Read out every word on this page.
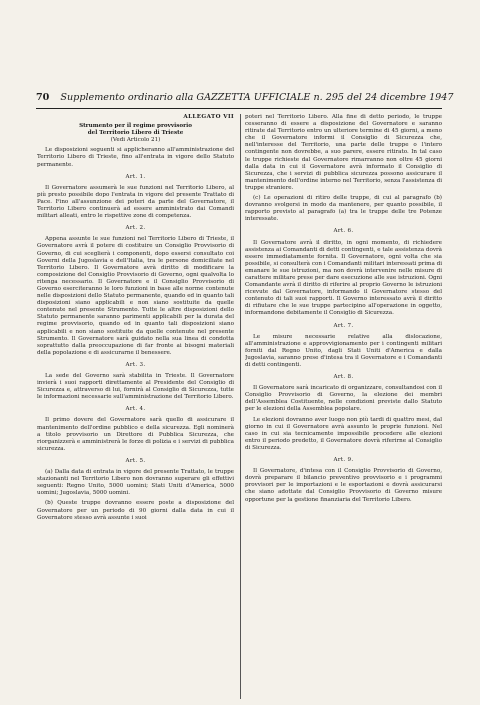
70 Supplemento ordinario alla GAZZETTA UFFICIALE n. 295 del 24 dicembre 1947
ALLEGATO VII
Strumento per il regime provvisorio
del Territorio Libero di Trieste
(Vedi Articolo 21)

Le disposizioni seguenti si applicheranno all'amministrazione del Territorio Libero di Trieste, fino all'entrata in vigore dello Statuto permanente.

Art. 1.

Il Governatore assumerà le sue funzioni nel Territorio Libero, al più presto possibile dopo l'entrata in vigore del presente Trattato di Pace. Fino all'assunzione dei poteri da parte del Governatore, il Territorio Libero continuerà ad essere amministrato dai Comandi militari alleati, entro le rispettive zone di competenza.

Art. 2.

Appena assunte le sue funzioni nel Territorio Libero di Trieste, il Governatore avrà il potere di costituire un Consiglio Provvisorio di Governo, di cui sceglierà i componenti, dopo essersi consultato coi Governi della Jugoslavia e dell'Italia, tra le persone domiciliate nel Territorio Libero. Il Governatore avrà diritto di modificare la composizione del Consiglio Provvisorio di Governo, ogni qualvolta lo ritenga necessario. Il Governatore e il Consiglio Provvisorio di Governo eserciteranno le loro funzioni in base alle norme contenute nelle disposizioni dello Statuto permanente, quando ed in quanto tali disposizioni siano applicabili e non siano sostituite da quelle contenute nel presente Strumento. Tutte le altre disposizioni dello Statuto permanente saranno parimenti applicabili per la durata del regime provvisorio, quando ed in quanto tali disposizioni siano applicabili e non siano sostituite da quelle contenute nel presente Strumento. Il Governatore sarà guidato nella sua linea di condotta soprattutto dalla preoccupazione di far fronte ai bisogni materiali della popolazione e di assicurarne il benessere.

Art. 3.

La sede del Governo sarà stabilita in Trieste. Il Governatore invierà i suoi rapporti direttamente al Presidente del Consiglio di Sicurezza e, attraverso di lui, fornirà al Consiglio di Sicurezza, tutte le informazioni necessarie sull'amministrazione del Territorio Libero.

Art. 4.

Il primo dovere del Governatore sarà quello di assicurare il mantenimento dell'ordine pubblico e della sicurezza. Egli nominerà a titolo provvisorio un Direttore di Pubblica Sicurezza, che riorganizzerà e amministrerà le forze di polizia e i servizi di pubblica sicurezza.

Art. 5.

(a) Dalla data di entrata in vigore del presente Trattato, le truppe stazionanti nel Territorio Libero non dovranno superare gli effettivi seguenti: Regno Unito, 5000 uomini; Stati Uniti d'America, 5000 uomini; Jugoslavia, 5000 uomini.

(b) Queste truppe dovranno essere poste a disposizione del Governatore per un periodo di 90 giorni dalla data in cui il Governatore stesso avrà assunte i suoi

poteri nel Territorio Libero. Alla fine di detto periodo, le truppe cesseranno di essere a disposizione del Governatore e saranno ritirate dal Territorio entro un ulteriore termine di 45 giorni, a meno che il Governatore informi il Consiglio di Sicurezza che, nell'interesse del Territorio, una parte delle truppe o l'intero contingente non dovrebbe, a suo parere, essere ritirato. In tal caso le truppe richieste dal Governatore rimarranno non oltre 45 giorni dalla data in cui il Governatore avrà informato il Consiglio di Sicurezza, che i servizi di pubblica sicurezza possono assicurare il mantenimento dell'ordine interno nel Territorio, senza l'assistenza di truppe straniere.

(c) Le operazioni di ritiro delle truppe, di cui al paragrafo (b) dovranno svolgersi in modo da mantenere, per quanto possibile, il rapporto previsto al paragrafo (a) tra le truppe delle tre Potenze interessate.

Art. 6.

Il Governatore avrà il diritto, in ogni momento, di richiedere assistenza ai Comandanti di detti contingenti, e tale assistenza dovrà essere immediatamente fornita. Il Governatore, ogni volta che sia possibile, si consulterà con i Comandanti militari interessati prima di emanare le sue istruzioni, ma non dovrà intervenire nelle misure di carattere militare prese per dare esecuzione alle sue istruzioni. Ogni Comandante avrà il diritto di riferire al proprio Governo le istruzioni ricevute dal Governatore, informando il Governatore stesso del contenuto di tali suoi rapporti. Il Governo interessato avrà il diritto di rifiutare che le sue truppe partecipino all'operazione in oggetto, informandone debitamente il Consiglio di Sicurezza.

Art. 7.

Le misure necessarie relative alla dislocazione, all'amministrazione e approvvigionamento per i contingenti militari forniti dal Regno Unito, dagli Stati Uniti d'America e dalla Jugoslavia, saranno prese d'intesa tra il Governatore e i Comandanti di detti contingenti.

Art. 8.

Il Governatore sarà incaricato di organizzare, consultandosi con il Consiglio Provvisorio di Governo, la elezione dei membri dell'Assemblea Costituente, nelle condizioni previste dallo Statuto per le elezioni della Assemblea popolare.

Le elezioni dovranno aver luogo non più tardi di quattro mesi, dal giorno in cui il Governatore avrà assunto le proprie funzioni. Nel caso in cui sia tecnicamente impossibile procedere alle elezioni entro il periodo predetto, il Governatore dovrà riferirne al Consiglio di Sicurezza.

Art. 9.

Il Governatore, d'intesa con il Consiglio Provvisorio di Governo, dovrà preparare il bilancio preventivo provvisorio e i programmi provvisori per le importazioni e le esportazioni e dovrà assicurarsi che siano adottate dal Consiglio Provvisorio di Governo misure opportune per la gestione finanziaria del Territorio Libero.
